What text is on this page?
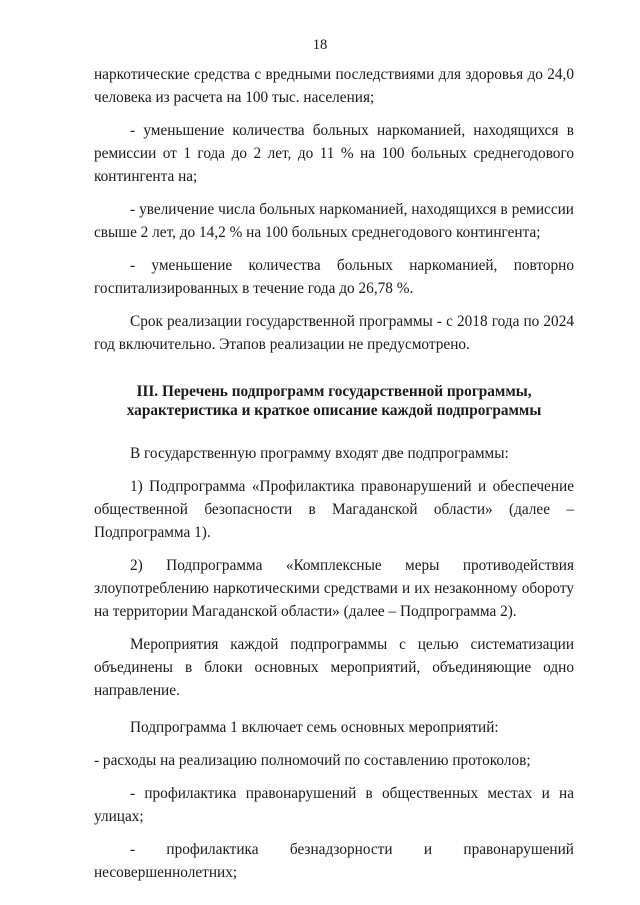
18

наркотические средства с вредными последствиями для здоровья до 24,0 человека из расчета на 100 тыс. населения;

- уменьшение количества больных наркоманией, находящихся в ремиссии от 1 года до 2 лет, до 11 % на 100 больных среднегодового контингента на;

- увеличение числа больных наркоманией, находящихся в ремиссии свыше 2 лет, до 14,2 % на 100 больных среднегодового контингента;

- уменьшение количества больных наркоманией, повторно госпитализированных в течение года до 26,78 %.

Срок реализации государственной программы - с 2018 года по 2024 год включительно. Этапов реализации не предусмотрено.

III. Перечень подпрограмм государственной программы,
характеристика и краткое описание каждой подпрограммы

В государственную программу входят две подпрограммы:

1) Подпрограмма «Профилактика правонарушений и обеспечение общественной безопасности в Магаданской области» (далее – Подпрограмма 1).

2) Подпрограмма «Комплексные меры противодействия злоупотреблению наркотическими средствами и их незаконному обороту на территории Магаданской области» (далее – Подпрограмма 2).

Мероприятия каждой подпрограммы с целью систематизации объединены в блоки основных мероприятий, объединяющие одно направление.

Подпрограмма 1 включает семь основных мероприятий:

- расходы на реализацию полномочий по составлению протоколов;

- профилактика правонарушений в общественных местах и на улицах;

- профилактика безнадзорности и правонарушений несовершеннолетних;
